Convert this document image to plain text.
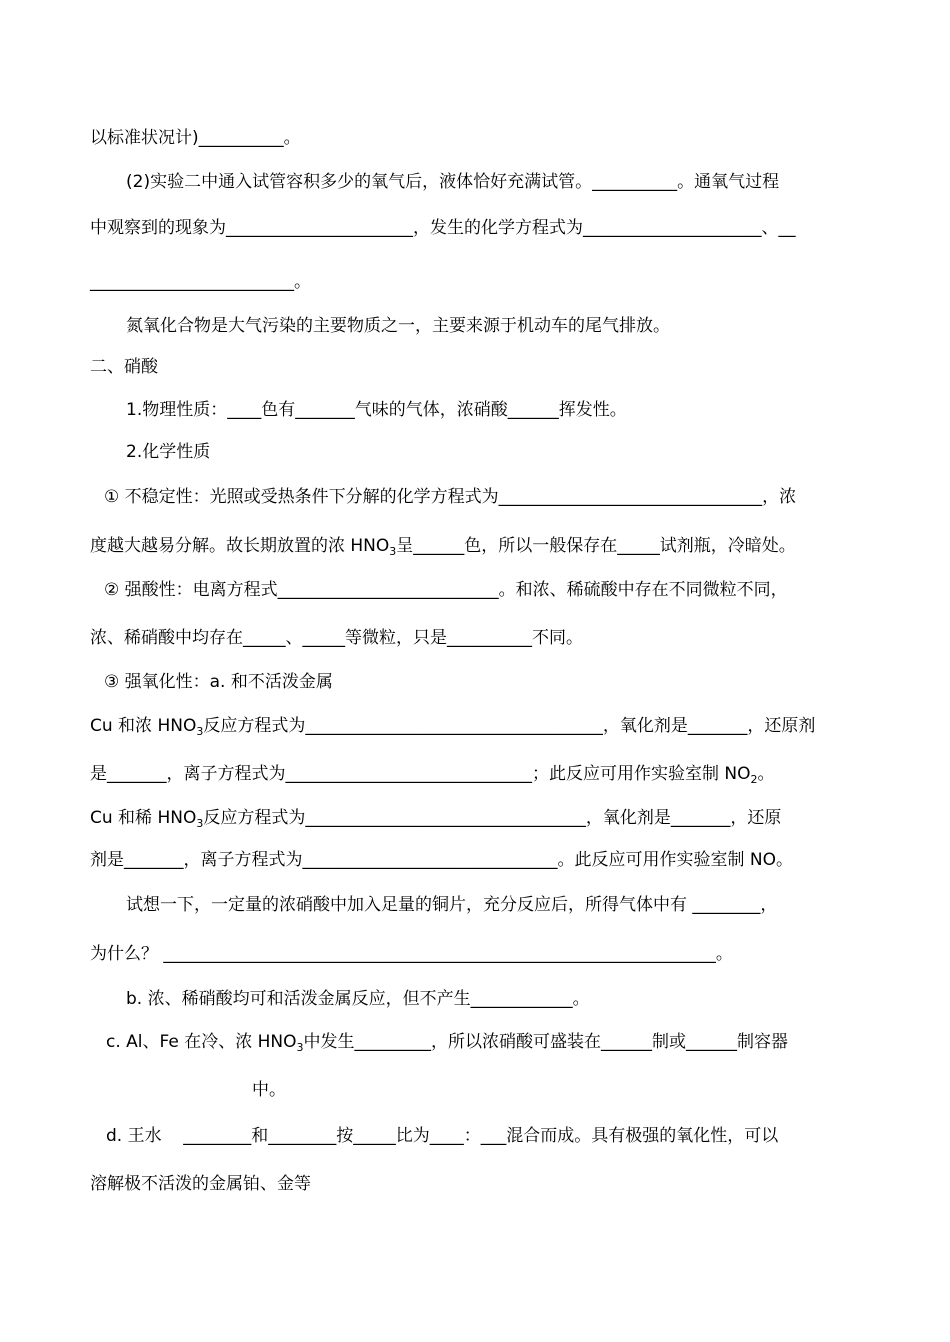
以标准状况计)__________。
(2)实验二中通入试管容积多少的氧气后，液体恰好充满试管。__________。通氧气过程
中观察到的现象为______________________，发生的化学方程式为_____________________、__
________________________。
氮氧化合物是大气污染的主要物质之一，主要来源于机动车的尾气排放。
二、硝酸
1.物理性质：____色有_______气味的气体，浓硝酸______挥发性。
2.化学性质
① 不稳定性：光照或受热条件下分解的化学方程式为_______________________________，浓
度越大越易分解。故长期放置的浓 $HNO_3$呈______色，所以一般保存在_____试剂瓶，冷暗处。
② 强酸性：电离方程式__________________________。和浓、稀硫酸中存在不同微粒不同，
浓、稀硝酸中均存在_____、_____等微粒，只是__________不同。
③ 强氧化性：a. 和不活泼金属
Cu 和浓 $HNO_3$反应方程式为___________________________________，氧化剂是_______，还原剂
是_______，离子方程式为_____________________________；此反应可用作实验室制 $NO_2$。
Cu 和稀 $HNO_3$反应方程式为_________________________________，氧化剂是_______，还原
剂是_______，离子方程式为______________________________。此反应可用作实验室制 NO。
试想一下，一定量的浓硝酸中加入足量的铜片，充分反应后，所得气体中有 ________，
为什么？ _________________________________________________________________。
b. 浓、稀硝酸均可和活泼金属反应，但不产生____________。
c. Al、Fe 在冷、浓 $HNO_3$中发生_________，所以浓硝酸可盛装在______制或______制容器
中。
d. 王水    ________和________按_____比为____：___混合而成。具有极强的氧化性，可以
溶解极不活泼的金属铂、金等
